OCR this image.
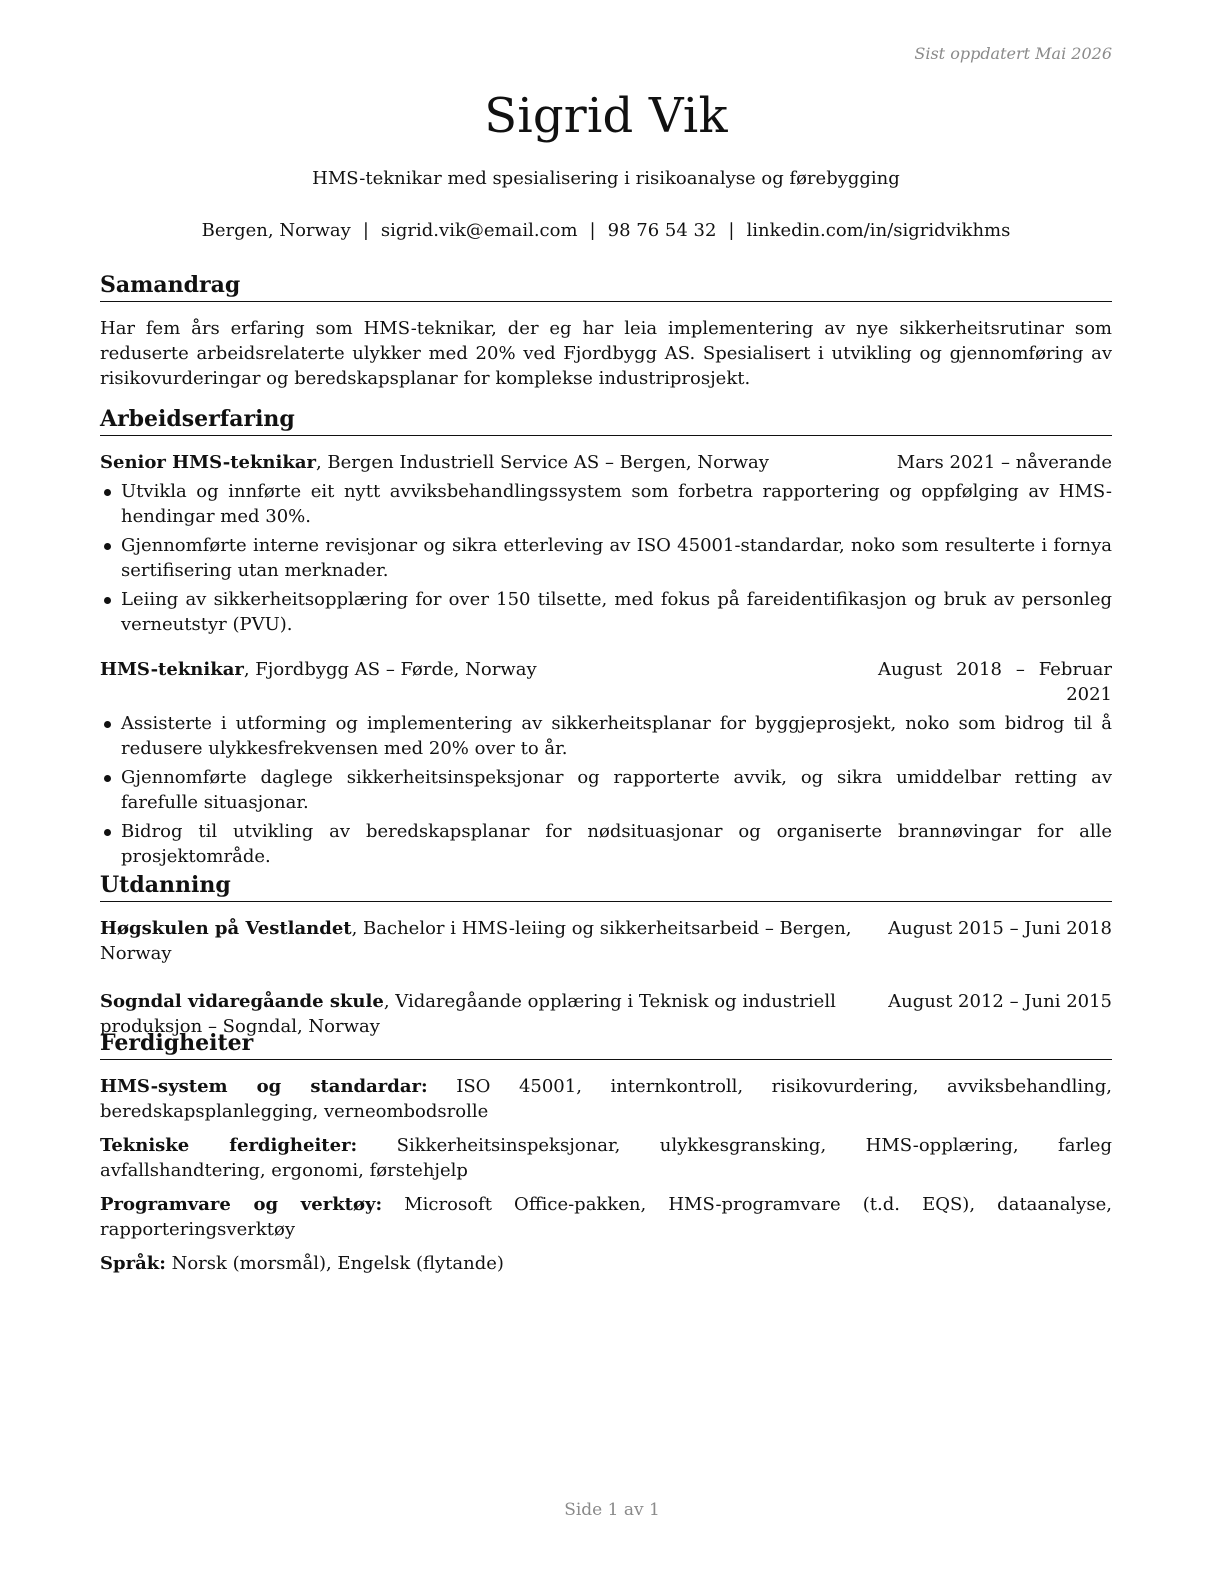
Sist oppdatert Mai 2026
Sigrid Vik
HMS-teknikar med spesialisering i risikoanalyse og førebygging
Bergen, Norway | sigrid.vik@email.com | 98 76 54 32 | linkedin.com/in/sigridvikhms
Samandrag

Har fem års erfaring som HMS-teknikar, der eg har leia implementering av nye sikkerheitsrutinar som reduserte arbeidsrelaterte ulykker med 20% ved Fjordbygg AS. Spesialisert i utvikling og gjennomføring av risikovurderingar og beredskapsplanar for komplekse industriprosjekt.

Arbeidserfaring
Senior HMS-teknikar, Bergen Industriell Service AS – Bergen, Norway	Mars 2021 – nåverande
Utvikla og innførte eit nytt avviksbehandlingssystem som forbetra rapportering og oppfølging av HMS-hendingar med 30%.
Gjennomførte interne revisjonar og sikra etterleving av ISO 45001-standardar, noko som resulterte i fornya sertifisering utan merknader.
Leiing av sikkerheitsopplæring for over 150 tilsette, med fokus på fareidentifikasjon og bruk av personleg verneutstyr (PVU).
HMS-teknikar, Fjordbygg AS – Førde, Norway	August 2018 – Februar 2021
Assisterte i utforming og implementering av sikkerheitsplanar for byggjeprosjekt, noko som bidrog til å redusere ulykkesfrekvensen med 20% over to år.
Gjennomførte daglege sikkerheitsinspeksjonar og rapporterte avvik, og sikra umiddelbar retting av farefulle situasjonar.
Bidrog til utvikling av beredskapsplanar for nødsituasjonar og organiserte brannøvingar for alle prosjektområde.
Utdanning
Høgskulen på Vestlandet, Bachelor i HMS-leiing og sikkerheitsarbeid – Bergen, Norway
August 2015 – Juni 2018
Sogndal vidaregåande skule, Vidaregåande opplæring i Teknisk og industriell produksjon – Sogndal, Norway
August 2012 – Juni 2015
Ferdigheiter

HMS-system og standardar: ISO 45001, internkontroll, risikovurdering, avviksbehandling, beredskapsplanlegging, verneombodsrolle

Tekniske ferdigheiter: Sikkerheitsinspeksjonar, ulykkesgransking, HMS-opplæring, farleg avfallshandtering, ergonomi, førstehjelp

Programvare og verktøy: Microsoft Office-pakken, HMS-programvare (t.d. EQS), dataanalyse, rapporteringsverktøy

Språk: Norsk (morsmål), Engelsk (flytande)

Side 1 av 1
